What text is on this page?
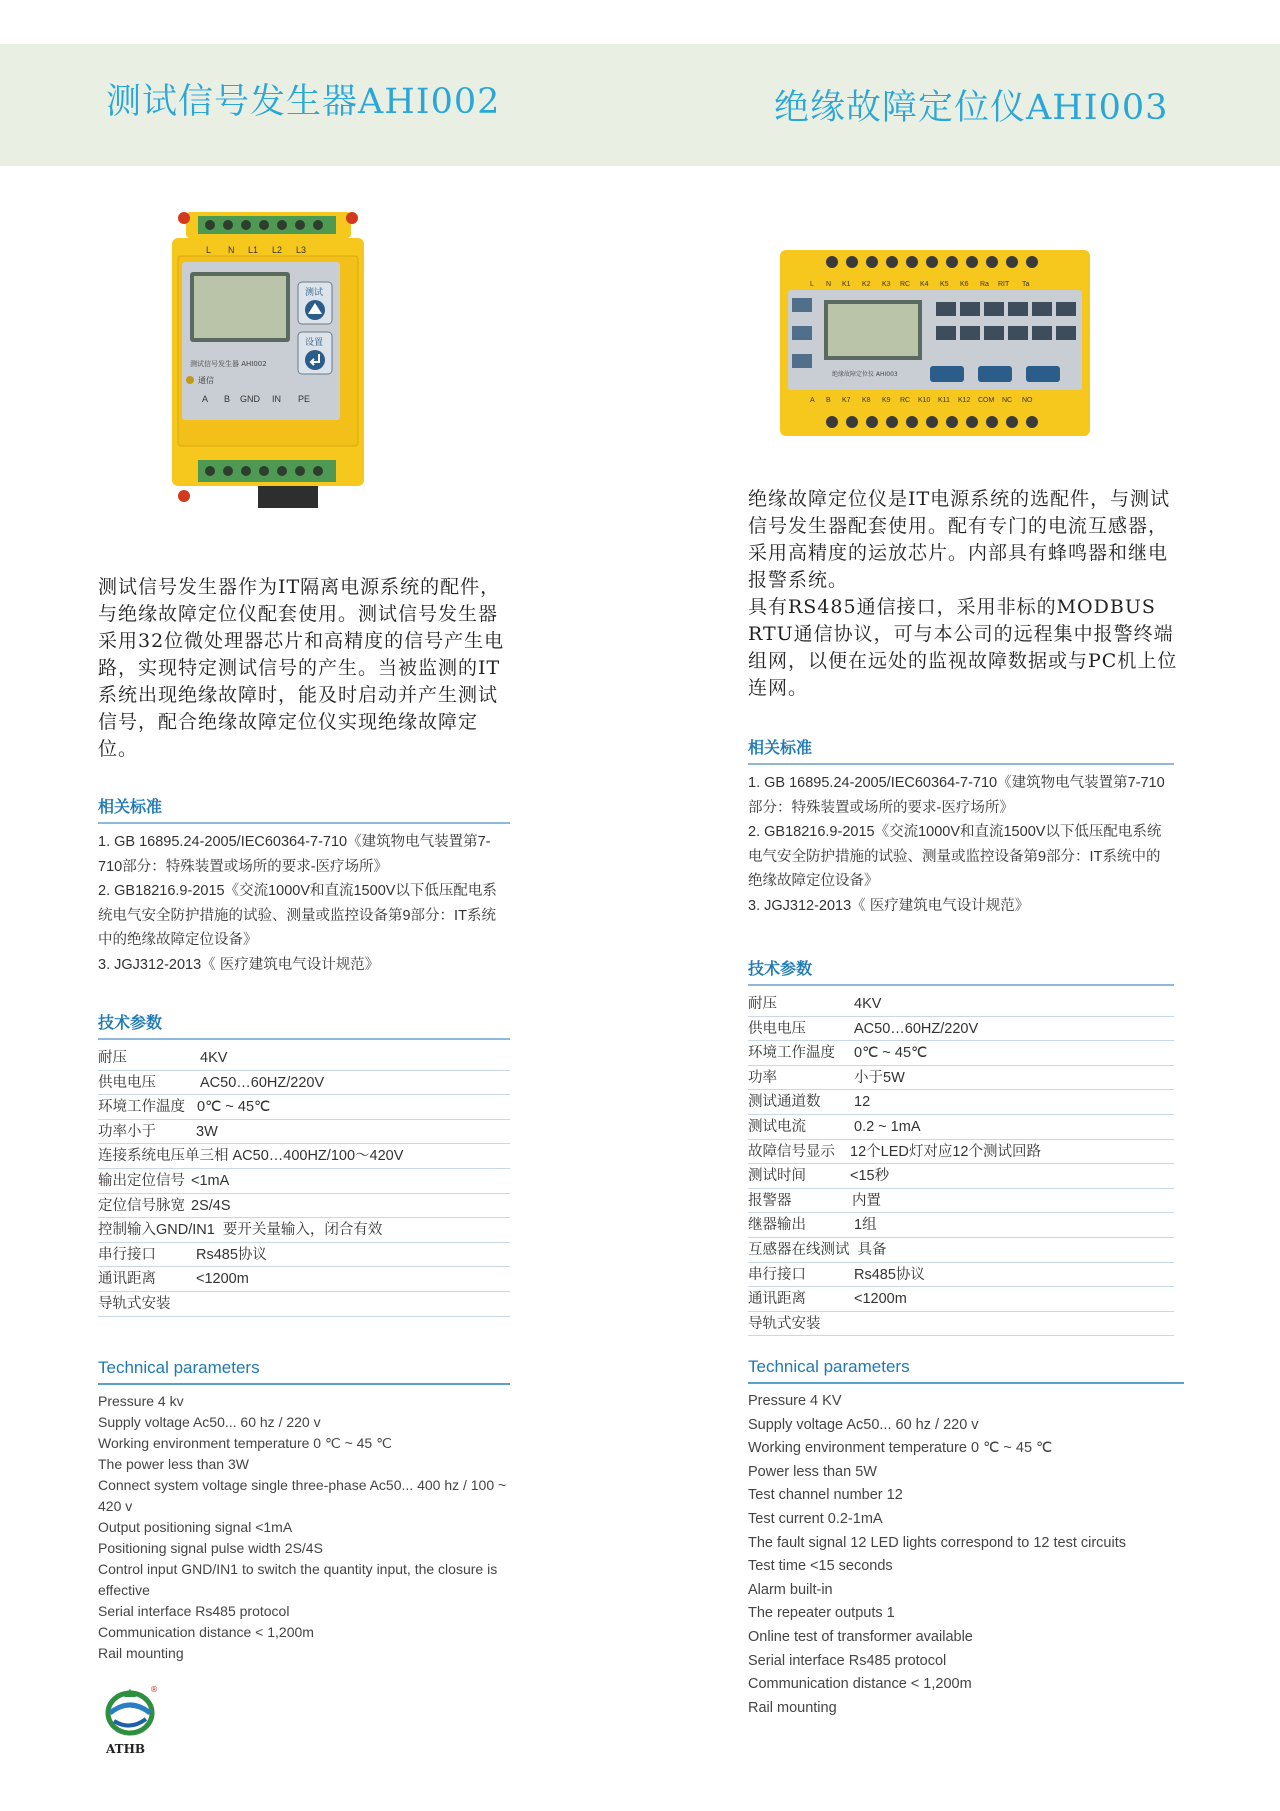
测试信号发生器AHI002	绝缘故障定位仪AHI003
L N L1 L2 L3
测试
设置
测试信号发生器 AHI002
通信
A B GND IN PE
L N K1 K2 K3 RC K4 K5 K6 Ra RIT Ta
绝缘故障定位仪 AHI003
A B K7 K8 K9 RC K10 K11 K12 COM NC NO

测试信号发生器作为IT隔离电源系统的配件，与绝缘故障定位仪配套使用。测试信号发生器采用32位微处理器芯片和高精度的信号产生电路，实现特定测试信号的产生。当被监测的IT系统出现绝缘故障时，能及时启动并产生测试信号，配合绝缘故障定位仪实现绝缘故障定位。

相关标准

1. GB 16895.24-2005/IEC60364-7-710《建筑物电气装置第7-710部分：特殊装置或场所的要求-医疗场所》

2. GB18216.9-2015《交流1000V和直流1500V以下低压配电系统电气安全防护措施的试验、测量或监控设备第9部分：IT系统中的绝缘故障定位设备》

3. JGJ312-2013《 医疗建筑电气设计规范》

技术参数
耐压	4KV
供电电压	AC50…60HZ/220V
环境工作温度 0℃ ~ 45℃
功率小于	3W
连接系统电压单三相 AC50…400HZ/100～420V
输出定位信号 <1mA
定位信号脉宽 2S/4S
控制输入GND/IN1 要开关量输入，闭合有效
串行接口	Rs485协议
通讯距离	<1200m
导轨式安装
Technical parameters

Pressure 4 kv

Supply voltage Ac50... 60 hz / 220 v

Working environment temperature 0 ℃ ~ 45 ℃

The power less than 3W

Connect system voltage single three-phase Ac50... 400 hz / 100 ~ 420 v

Output positioning signal <1mA

Positioning signal pulse width 2S/4S

Control input GND/IN1 to switch the quantity input, the closure is effective

Serial interface Rs485 protocol

Communication distance < 1,200m

Rail mounting

绝缘故障定位仪是IT电源系统的选配件，与测试信号发生器配套使用。配有专门的电流互感器，采用高精度的运放芯片。内部具有蜂鸣器和继电报警系统。

具有RS485通信接口，采用非标的MODBUS RTU通信协议，可与本公司的远程集中报警终端组网，以便在远处的监视故障数据或与PC机上位连网。

相关标准

1. GB 16895.24-2005/IEC60364-7-710《建筑物电气装置第7-710部分：特殊装置或场所的要求-医疗场所》

2. GB18216.9-2015《交流1000V和直流1500V以下低压配电系统电气安全防护措施的试验、测量或监控设备第9部分：IT系统中的绝缘故障定位设备》

3. JGJ312-2013《 医疗建筑电气设计规范》

技术参数
耐压	4KV
供电电压	AC50…60HZ/220V
环境工作温度	0℃ ~ 45℃
功率	小于5W
测试通道数	12
测试电流	0.2 ~ 1mA
故障信号显示	12个LED灯对应12个测试回路
测试时间	<15秒
报警器	内置
继器输出	1组
互感器在线测试 具备
串行接口	Rs485协议
通讯距离	<1200m
导轨式安装
Technical parameters

Pressure 4 KV

Supply voltage Ac50... 60 hz / 220 v

Working environment temperature 0 ℃ ~ 45 ℃

Power less than 5W

Test channel number 12

Test current 0.2-1mA

The fault signal 12 LED lights correspond to 12 test circuits

Test time <15 seconds

Alarm built-in

The repeater outputs 1

Online test of transformer available

Serial interface Rs485 protocol

Communication distance < 1,200m

Rail mounting

®
ATHB
